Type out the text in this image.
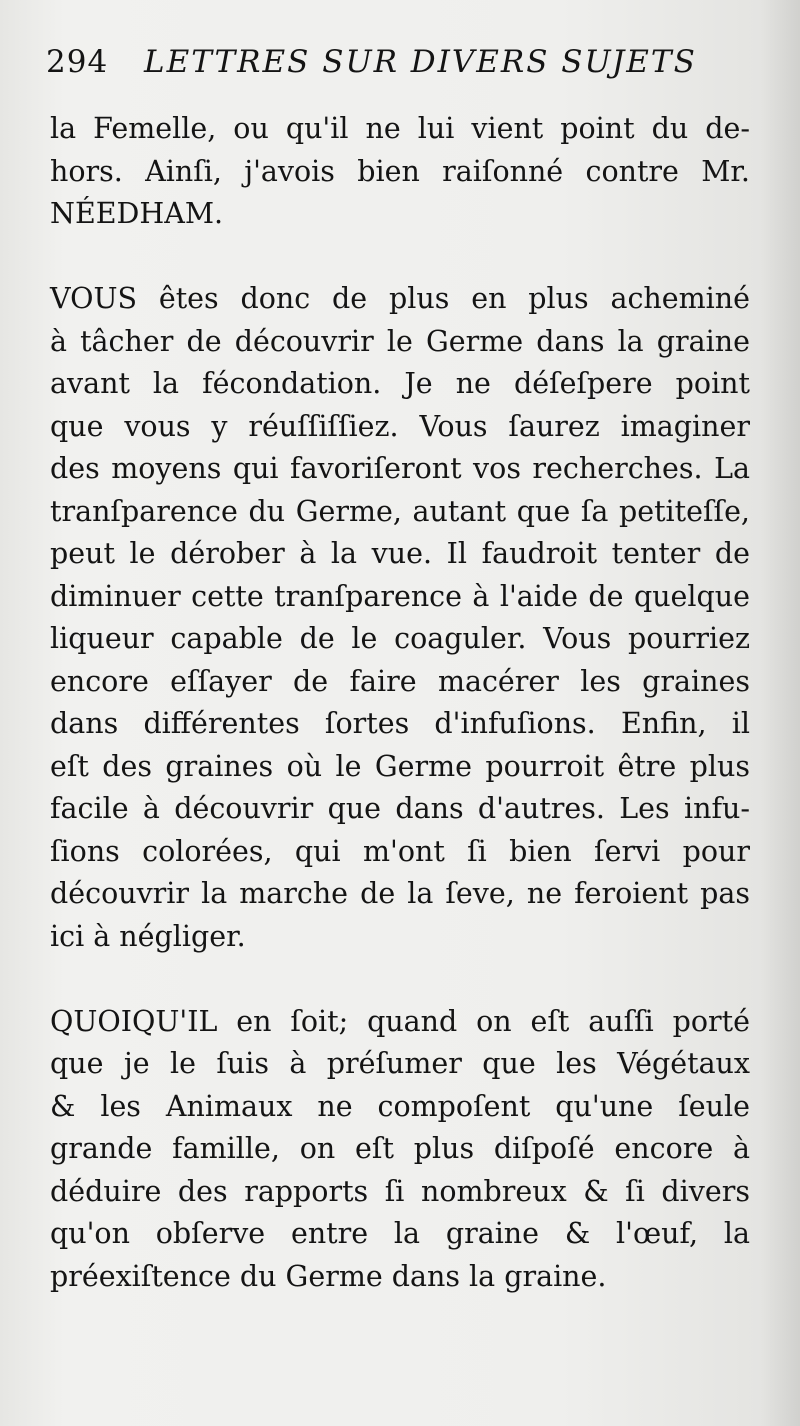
294 LETTRES SUR DIVERS SUJETS
la Femelle, ou qu'il ne lui vient point du de-
hors. Ainſi, j'avois bien raiſonné contre Mr.
NÉEDHAM.
VOUS êtes donc de plus en plus acheminé
à tâcher de découvrir le Germe dans la graine
avant la fécondation. Je ne déſeſpere point
que vous y réuſſiſſiez. Vous ſaurez imaginer
des moyens qui favoriſeront vos recherches. La
tranſparence du Germe, autant que ſa petiteſſe,
peut le dérober à la vue. Il faudroit tenter de
diminuer cette tranſparence à l'aide de quelque
liqueur capable de le coaguler. Vous pourriez
encore eſſayer de faire macérer les graines
dans différentes ſortes d'infuſions. Enfin, il
eſt des graines où le Germe pourroit être plus
facile à découvrir que dans d'autres. Les infu-
ſions colorées, qui m'ont ſi bien ſervi pour
découvrir la marche de la ſeve, ne feroient pas
ici à négliger.
QUOIQU'IL en ſoit; quand on eſt auſſi porté
que je le ſuis à préſumer que les Végétaux
& les Animaux ne compoſent qu'une ſeule
grande famille, on eſt plus diſpoſé encore à
déduire des rapports ſi nombreux & ſi divers
qu'on obſerve entre la graine & l'œuf, la
préexiſtence du Germe dans la graine.
